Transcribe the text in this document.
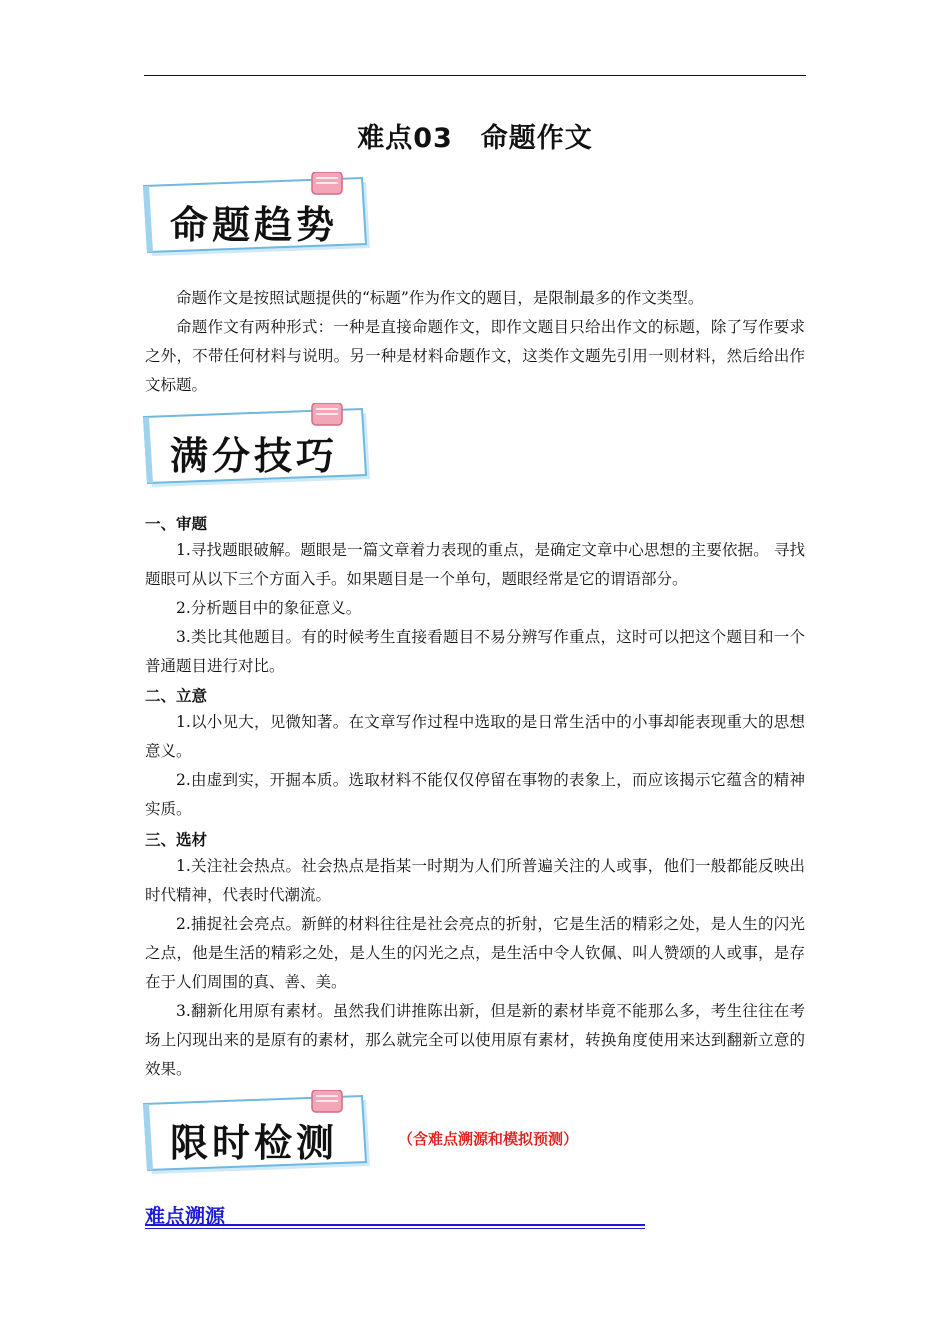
难点03　命题作文
命题趋势

命题作文是按照试题提供的“标题”作为作文的题目，是限制最多的作文类型。

命题作文有两种形式：一种是直接命题作文，即作文题目只给出作文的标题，除了写作要求之外，不带任何材料与说明。另一种是材料命题作文，这类作文题先引用一则材料，然后给出作文标题。

满分技巧
一、审题

1.寻找题眼破解。题眼是一篇文章着力表现的重点，是确定文章中心思想的主要依据。 寻找题眼可从以下三个方面入手。如果题目是一个单句，题眼经常是它的谓语部分。

2.分析题目中的象征意义。

3.类比其他题目。有的时候考生直接看题目不易分辨写作重点，这时可以把这个题目和一个普通题目进行对比。

二、立意

1.以小见大，见微知著。在文章写作过程中选取的是日常生活中的小事却能表现重大的思想意义。

2.由虚到实，开掘本质。选取材料不能仅仅停留在事物的表象上，而应该揭示它蕴含的精神实质。

三、选材

1.关注社会热点。社会热点是指某一时期为人们所普遍关注的人或事，他们一般都能反映出时代精神，代表时代潮流。

2.捕捉社会亮点。新鲜的材料往往是社会亮点的折射，它是生活的精彩之处，是人生的闪光之点，他是生活的精彩之处，是人生的闪光之点，是生活中令人钦佩、叫人赞颂的人或事，是存在于人们周围的真、善、美。

3.翻新化用原有素材。虽然我们讲推陈出新，但是新的素材毕竟不能那么多，考生往往在考场上闪现出来的是原有的素材，那么就完全可以使用原有素材，转换角度使用来达到翻新立意的效果。

限时检测	（含难点溯源和模拟预测）
难点溯源
